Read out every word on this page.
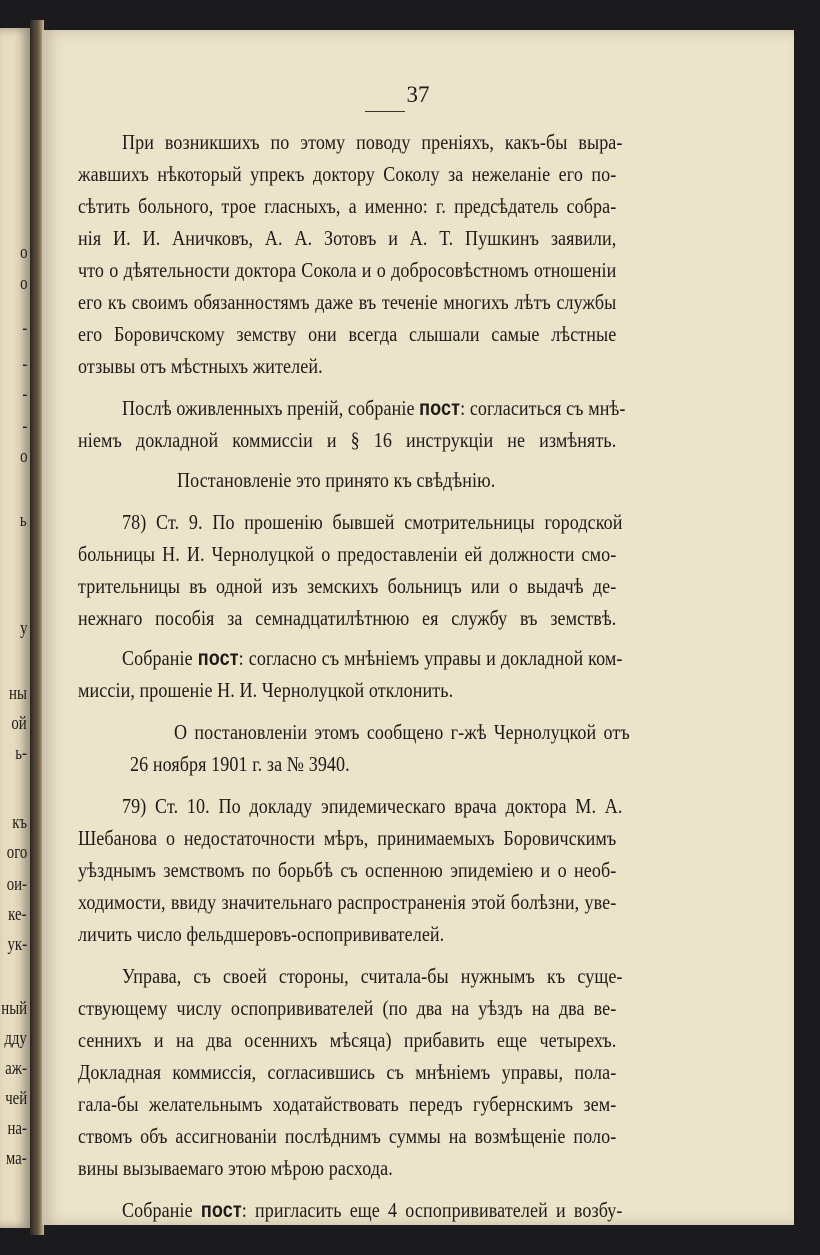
о
о
-
-
-
-
о
ь
у
ны
ой
ь-
къ
ого
ои-
ке-
ук-
ный
дду
аж-
чей
на-
ма-
37
При возникшихъ по этому поводу преніяхъ, какъ-бы выра-
жавшихъ нѣкоторый упрекъ доктору Соколу за нежеланіе его по-
сѣтить больного, трое гласныхъ, а именно: г. предсѣдатель собра-
нія И. И. Аничковъ, А. А. Зотовъ и А. Т. Пушкинъ заявили,
что о дѣятельности доктора Сокола и о добросовѣстномъ отношеніи
его къ своимъ обязанностямъ даже въ теченіе многихъ лѣтъ службы
его Боровичскому земству они всегда слышали самые лѣстные
отзывы отъ мѣстныхъ жителей.
Послѣ оживленныхъ преній, собраніе пост: согласиться съ мнѣ-
ніемъ докладной коммиссіи и § 16 инструкціи не измѣнять.
Постановленіе это принято къ свѣдѣнію.
78) Ст. 9. По прошенію бывшей смотрительницы городской
больницы Н. И. Чернолуцкой о предоставленіи ей должности смо-
трительницы въ одной изъ земскихъ больницъ или о выдачѣ де-
нежнаго пособія за семнадцатилѣтнюю ея службу въ земствѣ.
Собраніе пост: согласно съ мнѣніемъ управы и докладной ком-
миссіи, прошеніе Н. И. Чернолуцкой отклонить.
О постановленіи этомъ сообщено г-жѣ Чернолуцкой отъ
26 ноября 1901 г. за № 3940.
79) Ст. 10. По докладу эпидемическаго врача доктора М. А.
Шебанова о недостаточности мѣръ, принимаемыхъ Боровичскимъ
уѣзднымъ земствомъ по борьбѣ съ оспенною эпидеміею и о необ-
ходимости, ввиду значительнаго распространенія этой болѣзни, уве-
личить число фельдшеровъ-оспопрививателей.
Управа, съ своей стороны, считала-бы нужнымъ къ суще-
ствующему числу оспопрививателей (по два на уѣздъ на два ве-
сеннихъ и на два осеннихъ мѣсяца) прибавить еще четырехъ.
Докладная коммиссія, согласившись съ мнѣніемъ управы, пола-
гала-бы желательнымъ ходатайствовать передъ губернскимъ зем-
ствомъ объ ассигнованіи послѣднимъ суммы на возмѣщеніе поло-
вины вызываемаго этою мѣрою расхода.
Собраніе пост: пригласить еще 4 оспопрививателей и возбу-
